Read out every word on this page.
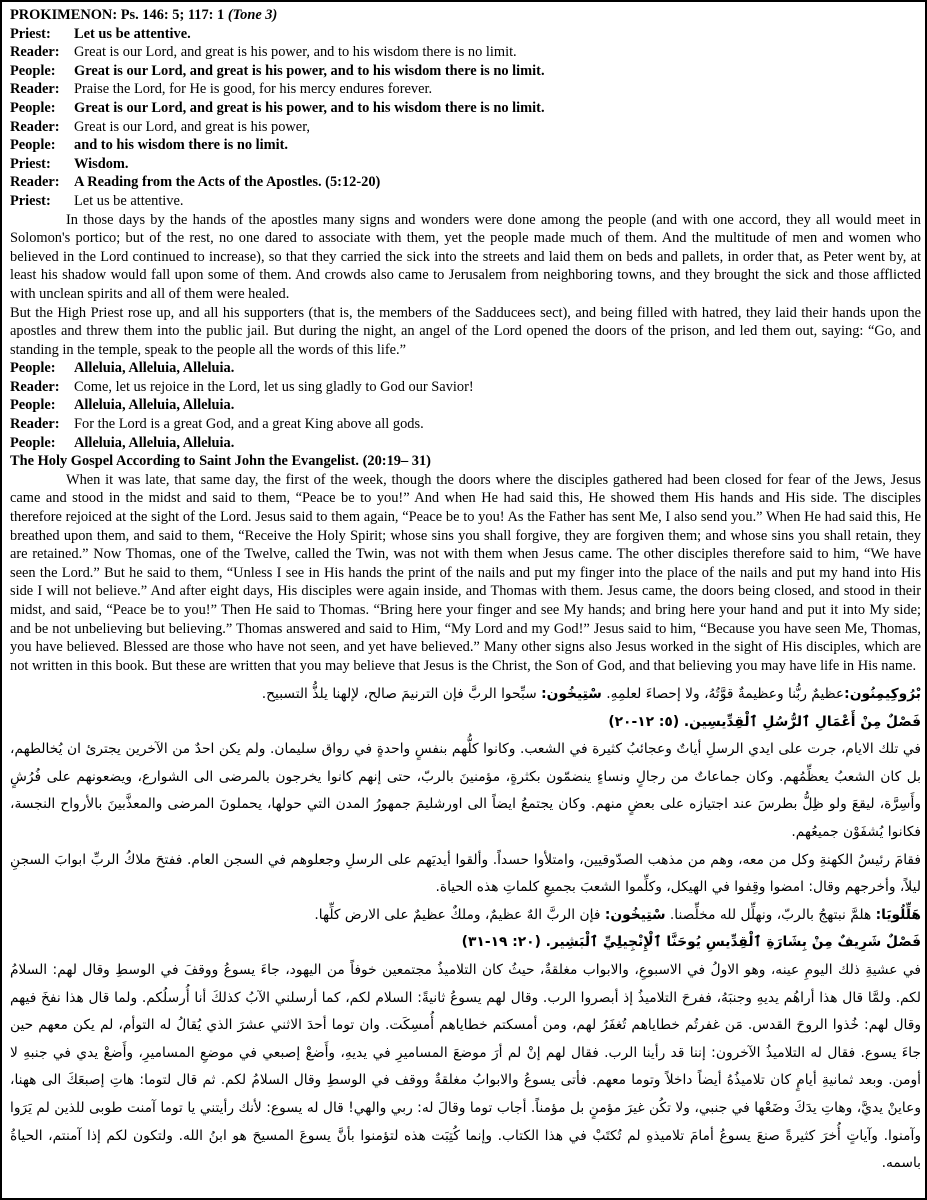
PROKIMENON: Ps. 146: 5; 117: 1 (Tone 3)
Priest: Let us be attentive.
Reader: Great is our Lord, and great is his power, and to his wisdom there is no limit.
People: Great is our Lord, and great is his power, and to his wisdom there is no limit.
Reader: Praise the Lord, for He is good, for his mercy endures forever.
People: Great is our Lord, and great is his power, and to his wisdom there is no limit.
Reader: Great is our Lord, and great is his power,
People: and to his wisdom there is no limit.
Priest: Wisdom.
Reader: A Reading from the Acts of the Apostles. (5:12-20)
Priest: Let us be attentive.

In those days by the hands of the apostles many signs and wonders were done among the people (and with one accord, they all would meet in Solomon's portico; but of the rest, no one dared to associate with them, yet the people made much of them. And the multitude of men and women who believed in the Lord continued to increase), so that they carried the sick into the streets and laid them on beds and pallets, in order that, as Peter went by, at least his shadow would fall upon some of them. And crowds also came to Jerusalem from neighboring towns, and they brought the sick and those afflicted with unclean spirits and all of them were healed.

But the High Priest rose up, and all his supporters (that is, the members of the Sadducees sect), and being filled with hatred, they laid their hands upon the apostles and threw them into the public jail. But during the night, an angel of the Lord opened the doors of the prison, and led them out, saying: “Go, and standing in the temple, speak to the people all the words of this life.”

People: Alleluia, Alleluia, Alleluia.
Reader: Come, let us rejoice in the Lord, let us sing gladly to God our Savior!
People: Alleluia, Alleluia, Alleluia.
Reader: For the Lord is a great God, and a great King above all gods.
People: Alleluia, Alleluia, Alleluia.
The Holy Gospel According to Saint John the Evangelist. (20:19– 31)

When it was late, that same day, the first of the week, though the doors where the disciples gathered had been closed for fear of the Jews, Jesus came and stood in the midst and said to them, “Peace be to you!” And when He had said this, He showed them His hands and His side. The disciples therefore rejoiced at the sight of the Lord. Jesus said to them again, “Peace be to you! As the Father has sent Me, I also send you.” When He had said this, He breathed upon them, and said to them, “Receive the Holy Spirit; whose sins you shall forgive, they are forgiven them; and whose sins you shall retain, they are retained.” Now Thomas, one of the Twelve, called the Twin, was not with them when Jesus came. The other disciples therefore said to him, “We have seen the Lord.” But he said to them, “Unless I see in His hands the print of the nails and put my finger into the place of the nails and put my hand into His side I will not believe.” And after eight days, His disciples were again inside, and Thomas with them. Jesus came, the doors being closed, and stood in their midst, and said, “Peace be to you!” Then He said to Thomas. “Bring here your finger and see My hands; and bring here your hand and put it into My side; and be not unbelieving but believing.” Thomas answered and said to Him, “My Lord and my God!” Jesus said to him, “Because you have seen Me, Thomas, you have believed. Blessed are those who have not seen, and yet have believed.” Many other signs also Jesus worked in the sight of His disciples, which are not written in this book. But these are written that you may believe that Jesus is the Christ, the Son of God, and that believing you may have life in His name.

بْرُوكِيمِنُون:عظيمٌ ربُّنا وعظيمةٌ قوَّتُهُ، ولا إحصاءَ لعلمِهِ. سْتِيخُون: سبِّحوا الربَّ فإن الترنيمَ صالح، لإلهنا يلذُّ التسبيح.

فَصْلٌ مِنْ أَعْمَالِ ٱلرُّسُلِ ٱلْقِدِّيسِين. (٥: ١٢-٢٠)

في تلك الايام، جرت على ايدي الرسلِ أياتٌ وعجائبُ كثيرة في الشعب. وكانوا كلُّهم بنفسٍ واحدةٍ في رواق سليمان. ولم يكن احدٌ من الآخرين يجترئ ان يُخالطهم، بل كان الشعبُ يعظِّمُهم. وكان جماعاتٌ من رجالٍ ونساءٍ ينضمّون بكثرةٍ، مؤمنينَ بالربّ، حتى إنهم كانوا يخرجون بالمرضى الى الشوارع، ويضعونهم على فُرُشٍ وأَسِرَّة، ليقعَ ولو ظِلُّ بطرسَ عند اجتيازه على بعضٍ منهم. وكان يجتمعُ ايضاً الى اورشليمَ جمهورُ المدن التي حولها، يحملونَ المرضى والمعذَّبينَ بالأرواح النجسة، فكانوا يُشفَوْن جميعُهم.

فقامَ رئيسُ الكهنةِ وكل من معه، وهم من مذهب الصدّوقيين، وامتلأوا حسداً. وألقوا أيديَهم على الرسلِ وجعلوهم في السجن العام. ففتحَ ملاكُ الربِّ ابوابَ السجنِ ليلاً، وأخرجهم وقال: امضوا وقِفوا في الهيكل، وكلِّموا الشعبَ بجميعِ كلماتِ هذه الحياة.

هَلِّلُويَا: هلمَّ نبتهجُ بالربّ، ونهلِّل لله مخلِّصنا. سْتِيخُون: فإن الربَّ الهٌ عظيمٌ، وملكٌ عظيمٌ على الارض كلِّها.

فَصْلٌ شَرِيفٌ مِنْ بِشَارَةِ ٱلْقِدِّيسِ يُوحَنَّا ٱلْإِنْجِيلِيِّ ٱلْبَشِير. (٢٠: ١٩-٣١)

في عشيةِ ذلك اليومِ عينه، وهو الاولُ في الاسبوعِ، والابواب مغلقةٌ، حيثُ كان التلاميذُ مجتمعين خوفاً من اليهود، جاءَ يسوعُ ووقفَ في الوسطِ وقال لهم: السلامُ لكم. ولمَّا قال هذا أراهُم يديهِ وجنبَهُ، ففرحَ التلاميذُ إذ أبصروا الرب. وقال لهم يسوعُ ثانيةً: السلام لكم، كما أرسلني الآبُ كذلكَ أنا أُرسلُكم. ولما قال هذا نفخَ فيهم وقال لهم: خُذوا الروحَ القدس. مَن غفرتُم خطاياهم تُغفَرُ لهم، ومن أمسكتم خطاياهم أُمسِكَت. وان توما أحدَ الاثني عشرَ الذي يُقالُ له التوأم، لم يكن معهم حين جاءَ يسوع. فقال له التلاميذُ الآخرون: إننا قد رأينا الرب. فقال لهم إنْ لم أرَ موضعَ المساميرِ في يديهِ، وأَضعْ إصبعي في موضعِ المساميرِ، وأَضعْ يدي في جنبهِ لا أومن. وبعد ثمانيةِ أيامٍ كان تلاميذُهُ أيضاً داخلاً وتوما معهم. فأتى يسوعُ والابوابُ مغلقةٌ ووقف في الوسطِ وقال السلامُ لكم. ثم قال لتوما: هاتِ إصبعَكَ الى ههنا، وعاينْ يديَّ، وهاتِ يدَكَ وضَعْها في جنبي، ولا تكُن غيرَ مؤمنٍ بل مؤمناً. أجاب توما وقالَ له: ربي والهي! قال له يسوع: لأنك رأيتني يا توما آمنت طوبى للذين لم يَرَوا وآمنوا. وآياتٍ أُخرَ كثيرةً صنعَ يسوعُ أمامَ تلاميذهِ لم تُكتَبْ في هذا الكتاب. وإنما كُتِبَت هذه لتؤمنوا بأنَّ يسوعَ المسيحَ هو ابنُ الله. ولتكون لكم إذا آمنتم، الحياةُ باسمه.
